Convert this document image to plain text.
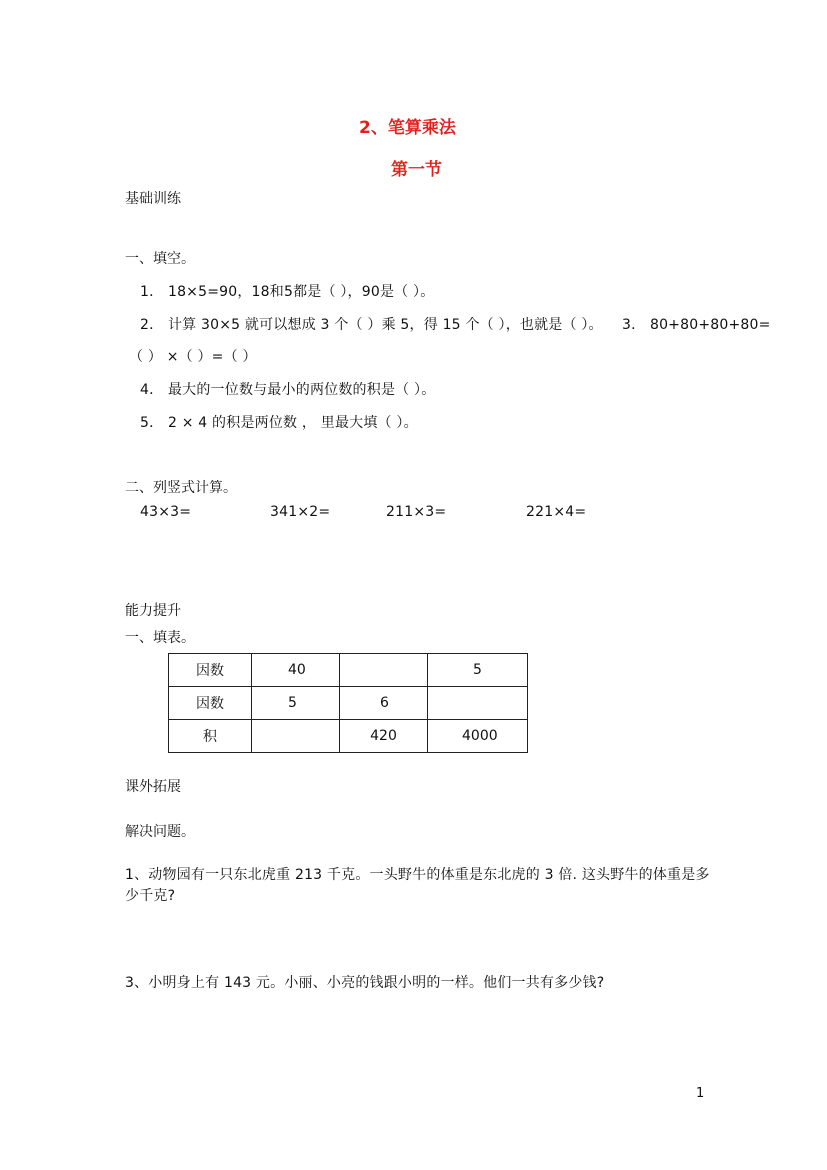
2、笔算乘法
第一节
基础训练
一、填空。
1． 18×5=90，18和5都是（ ），90是（ ）。
2． 计算 30×5 就可以想成 3 个（ ）乘 5，得 15 个（ ），也就是（ ）。 3． 80+80+80+80=
（ ） ×（ ）=（ ）
4． 最大的一位数与最小的两位数的积是（ ）。
5． 2 × 4 的积是两位数 ， 里最大填（ ）。
二、列竖式计算。
43×3=	341×2=	211×3=	221×4=
能力提升
一、填表。
因数	40		5
因数	5	6	
积		420	4000
课外拓展
解决问题。
1、动物园有一只东北虎重 213 千克。一头野牛的体重是东北虎的 3 倍. 这头野牛的体重是多
少千克?
3、小明身上有 143 元。小丽、小亮的钱跟小明的一样。他们一共有多少钱?
1
